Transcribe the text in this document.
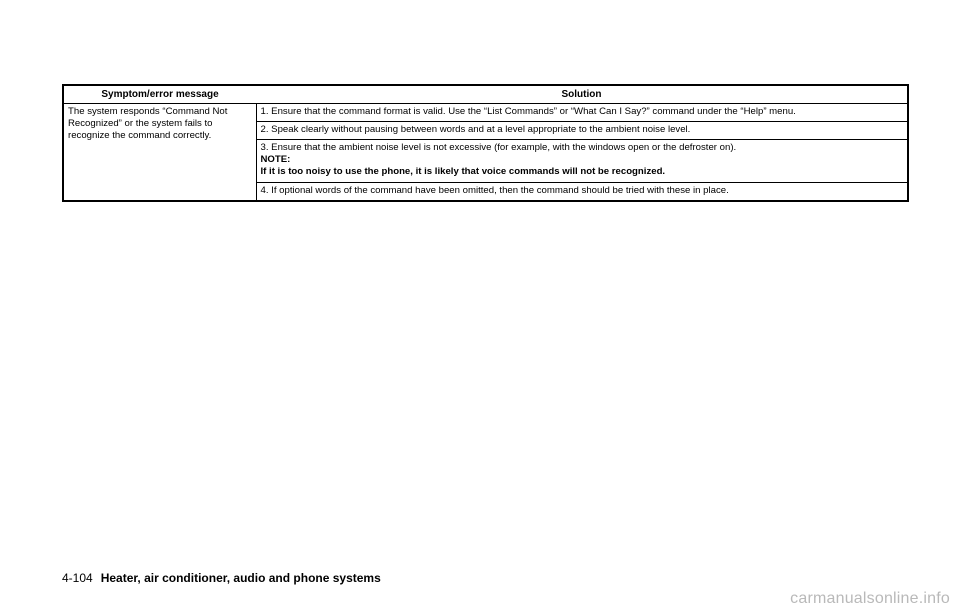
Symptom/error message	Solution
The system responds “Command Not Recognized” or the system fails to recognize the command correctly.	1. Ensure that the command format is valid. Use the “List Commands” or “What Can I Say?” command under the “Help” menu.
	2. Speak clearly without pausing between words and at a level appropriate to the ambient noise level.
	3. Ensure that the ambient noise level is not excessive (for example, with the windows open or the defroster on).
NOTE:
If it is too noisy to use the phone, it is likely that voice commands will not be recognized.

	4. If optional words of the command have been omitted, then the command should be tried with these in place.
4-104 Heater, air conditioner, audio and phone systems
carmanualsonline.info
